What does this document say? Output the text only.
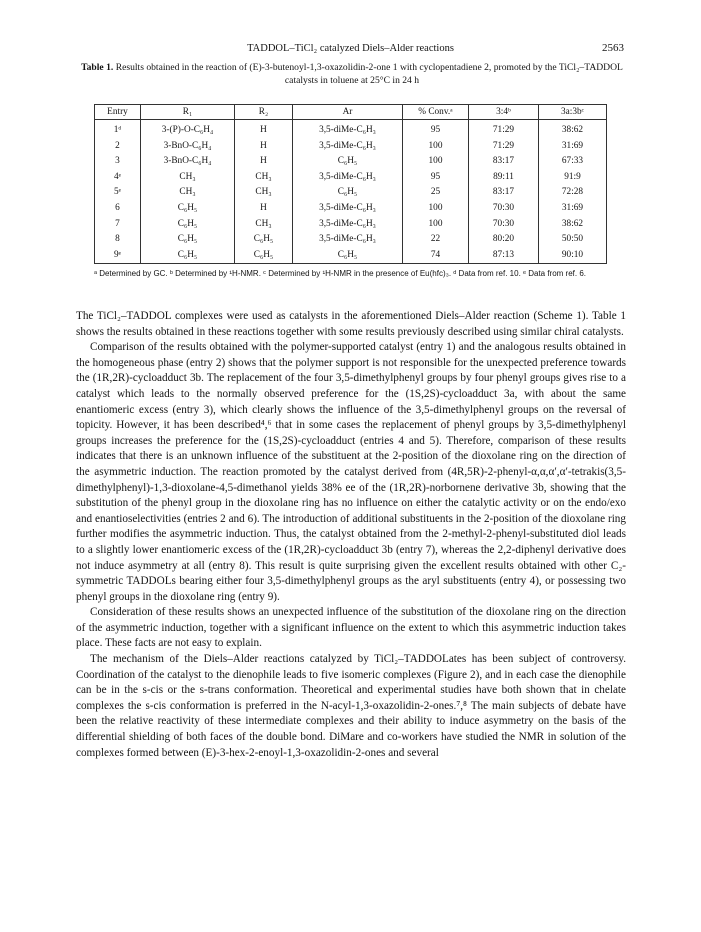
TADDOL–TiCl₂ catalyzed Diels–Alder reactions	2563
Table 1. Results obtained in the reaction of (E)-3-butenoyl-1,3-oxazolidin-2-one 1 with cyclopentadiene 2, promoted by the TiCl₂–TADDOL catalysts in toluene at 25°C in 24 h
Entry	R₁	R₂	Ar	% Conv.ᵃ	3:4ᵇ	3a:3bᶜ
1ᵈ	3-(P)-O-C₆H₄	H	3,5-diMe-C₆H₃	95	71:29	38:62
2	3-BnO-C₆H₄	H	3,5-diMe-C₆H₃	100	71:29	31:69
3	3-BnO-C₆H₄	H	C₆H₅	100	83:17	67:33
4ᵉ	CH₃	CH₃	3,5-diMe-C₆H₃	95	89:11	91:9
5ᵉ	CH₃	CH₃	C₆H₅	25	83:17	72:28
6	C₆H₅	H	3,5-diMe-C₆H₃	100	70:30	31:69
7	C₆H₅	CH₃	3,5-diMe-C₆H₃	100	70:30	38:62
8	C₆H₅	C₆H₅	3,5-diMe-C₆H₃	22	80:20	50:50
9ᵉ	C₆H₅	C₆H₅	C₆H₅	74	87:13	90:10
ᵃ Determined by GC. ᵇ Determined by ¹H-NMR. ᶜ Determined by ¹H-NMR in the presence of Eu(hfc)₃. ᵈ Data from ref. 10. ᵉ Data from ref. 6.

The TiCl₂–TADDOL complexes were used as catalysts in the aforementioned Diels–Alder reaction (Scheme 1). Table 1 shows the results obtained in these reactions together with some results previously described using similar chiral catalysts.

Comparison of the results obtained with the polymer-supported catalyst (entry 1) and the analogous results obtained in the homogeneous phase (entry 2) shows that the polymer support is not responsible for the unexpected preference towards the (1R,2R)-cycloadduct 3b. The replacement of the four 3,5-dimethylphenyl groups by four phenyl groups gives rise to a catalyst which leads to the normally observed preference for the (1S,2S)-cycloadduct 3a, with about the same enantiomeric excess (entry 3), which clearly shows the influence of the 3,5-dimethylphenyl groups on the reversal of topicity. However, it has been described⁴,⁶ that in some cases the replacement of phenyl groups by 3,5-dimethylphenyl groups increases the preference for the (1S,2S)-cycloadduct (entries 4 and 5). Therefore, comparison of these results indicates that there is an unknown influence of the substituent at the 2-position of the dioxolane ring on the direction of the asymmetric induction. The reaction promoted by the catalyst derived from (4R,5R)-2-phenyl-α,α,α′,α′-tetrakis(3,5-dimethylphenyl)-1,3-dioxolane-4,5-dimethanol yields 38% ee of the (1R,2R)-norbornene derivative 3b, showing that the substitution of the phenyl group in the dioxolane ring has no influence on either the catalytic activity or on the endo/exo and enantioselectivities (entries 2 and 6). The introduction of additional substituents in the 2-position of the dioxolane ring further modifies the asymmetric induction. Thus, the catalyst obtained from the 2-methyl-2-phenyl-substituted diol leads to a slightly lower enantiomeric excess of the (1R,2R)-cycloadduct 3b (entry 7), whereas the 2,2-diphenyl derivative does not induce asymmetry at all (entry 8). This result is quite surprising given the excellent results obtained with other C₂-symmetric TADDOLs bearing either four 3,5-dimethylphenyl groups as the aryl substituents (entry 4), or possessing two phenyl groups in the dioxolane ring (entry 9).

Consideration of these results shows an unexpected influence of the substitution of the dioxolane ring on the direction of the asymmetric induction, together with a significant influence on the extent to which this asymmetric induction takes place. These facts are not easy to explain.

The mechanism of the Diels–Alder reactions catalyzed by TiCl₂–TADDOLates has been subject of controversy. Coordination of the catalyst to the dienophile leads to five isomeric complexes (Figure 2), and in each case the dienophile can be in the s-cis or the s-trans conformation. Theoretical and experimental studies have both shown that in chelate complexes the s-cis conformation is preferred in the N-acyl-1,3-oxazolidin-2-ones.⁷,⁸ The main subjects of debate have been the relative reactivity of these intermediate complexes and their ability to induce asymmetry on the basis of the differential shielding of both faces of the double bond. DiMare and co-workers have studied the NMR in solution of the complexes formed between (E)-3-hex-2-enoyl-1,3-oxazolidin-2-ones and several
